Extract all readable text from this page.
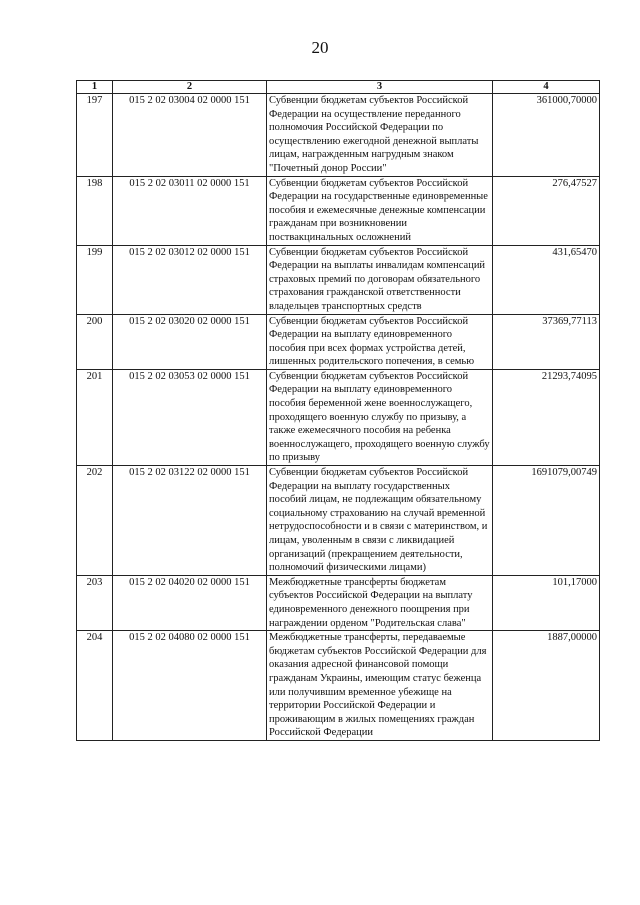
20
1	2	3	4
197	015 2 02 03004 02 0000 151	Субвенции бюджетам субъектов Российской Федерации на осуществление переданного полномочия Российской Федерации по осуществлению ежегодной денежной выплаты лицам, награжденным нагрудным знаком "Почетный донор России"	361000,70000
198	015 2 02 03011 02 0000 151	Субвенции бюджетам субъектов Российской Федерации на государственные единовременные пособия и ежемесячные денежные компенсации гражданам при возникновении поствакцинальных осложнений	276,47527
199	015 2 02 03012 02 0000 151	Субвенции бюджетам субъектов Российской Федерации на выплаты инвалидам компенсаций страховых премий по договорам обязательного страхования гражданской ответственности владельцев транспортных средств	431,65470
200	015 2 02 03020 02 0000 151	Субвенции бюджетам субъектов Российской Федерации на выплату единовременного пособия при всех формах устройства детей, лишенных родительского попечения, в семью	37369,77113
201	015 2 02 03053 02 0000 151	Субвенции бюджетам субъектов Российской Федерации на выплату единовременного пособия беременной жене военнослужащего, проходящего военную службу по призыву, а также ежемесячного пособия на ребенка военнослужащего, проходящего военную службу по призыву	21293,74095
202	015 2 02 03122 02 0000 151	Субвенции бюджетам субъектов Российской Федерации на выплату государственных пособий лицам, не подлежащим обязательному социальному страхованию на случай временной нетрудоспособности и в связи с материнством, и лицам, уволенным в связи с ликвидацией организаций (прекращением деятельности, полномочий физическими лицами)	1691079,00749
203	015 2 02 04020 02 0000 151	Межбюджетные трансферты бюджетам субъектов Российской Федерации на выплату единовременного денежного поощрения при награждении орденом "Родительская слава"	101,17000
204	015 2 02 04080 02 0000 151	Межбюджетные трансферты, передаваемые бюджетам субъектов Российской Федерации для оказания адресной финансовой помощи гражданам Украины, имеющим статус беженца или получившим временное убежище на территории Российской Федерации и проживающим в жилых помещениях граждан Российской Федерации	1887,00000
